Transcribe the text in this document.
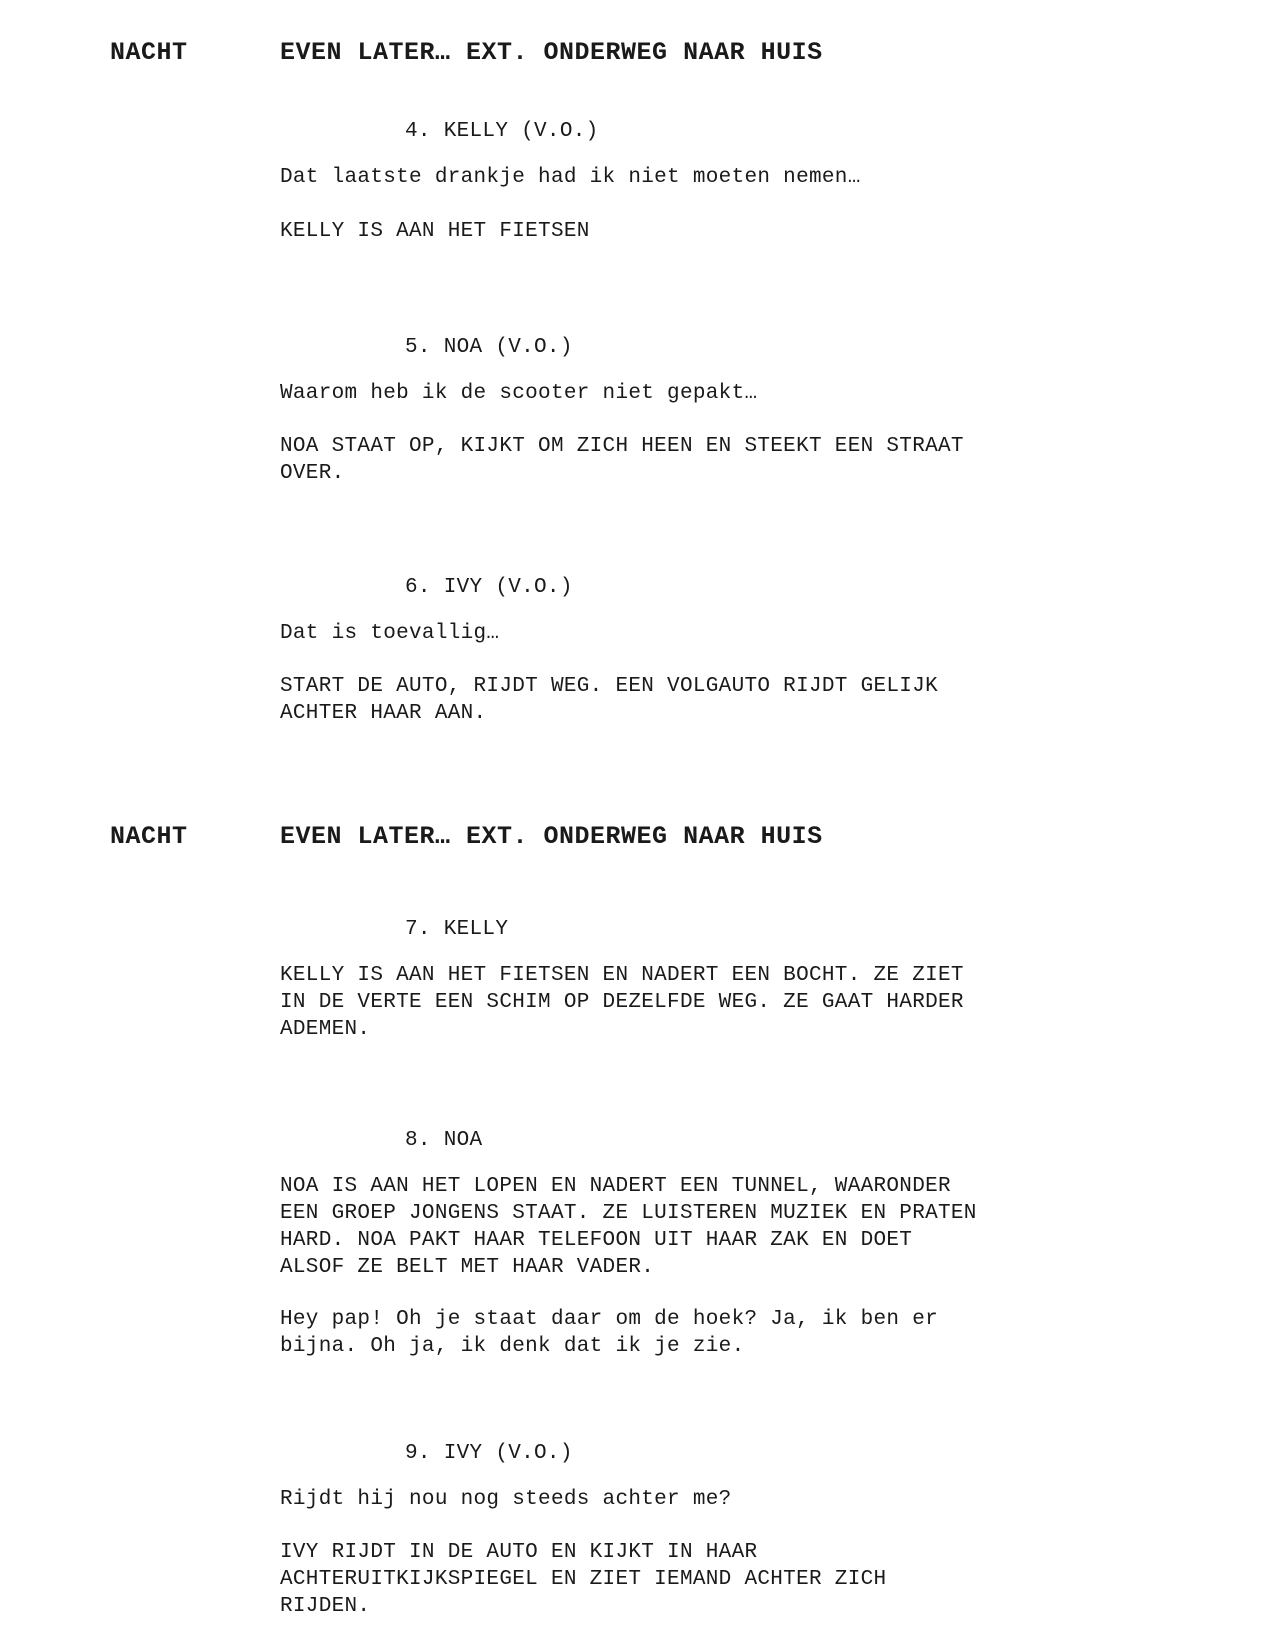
NACHT	EVEN LATER… EXT. ONDERWEG NAAR HUIS
4. KELLY (V.O.)
Dat laatste drankje had ik niet moeten nemen…
KELLY IS AAN HET FIETSEN
5. NOA (V.O.)
Waarom heb ik de scooter niet gepakt…
NOA STAAT OP, KIJKT OM ZICH HEEN EN STEEKT EEN STRAAT
OVER.
6. IVY (V.O.)
Dat is toevallig…
START DE AUTO, RIJDT WEG. EEN VOLGAUTO RIJDT GELIJK
ACHTER HAAR AAN.
NACHT	EVEN LATER… EXT. ONDERWEG NAAR HUIS
7. KELLY
KELLY IS AAN HET FIETSEN EN NADERT EEN BOCHT. ZE ZIET
IN DE VERTE EEN SCHIM OP DEZELFDE WEG. ZE GAAT HARDER
ADEMEN.
8. NOA
NOA IS AAN HET LOPEN EN NADERT EEN TUNNEL, WAARONDER
EEN GROEP JONGENS STAAT. ZE LUISTEREN MUZIEK EN PRATEN
HARD. NOA PAKT HAAR TELEFOON UIT HAAR ZAK EN DOET
ALSOF ZE BELT MET HAAR VADER.
Hey pap! Oh je staat daar om de hoek? Ja, ik ben er
bijna. Oh ja, ik denk dat ik je zie.
9. IVY (V.O.)
Rijdt hij nou nog steeds achter me?
IVY RIJDT IN DE AUTO EN KIJKT IN HAAR
ACHTERUITKIJKSPIEGEL EN ZIET IEMAND ACHTER ZICH
RIJDEN.
